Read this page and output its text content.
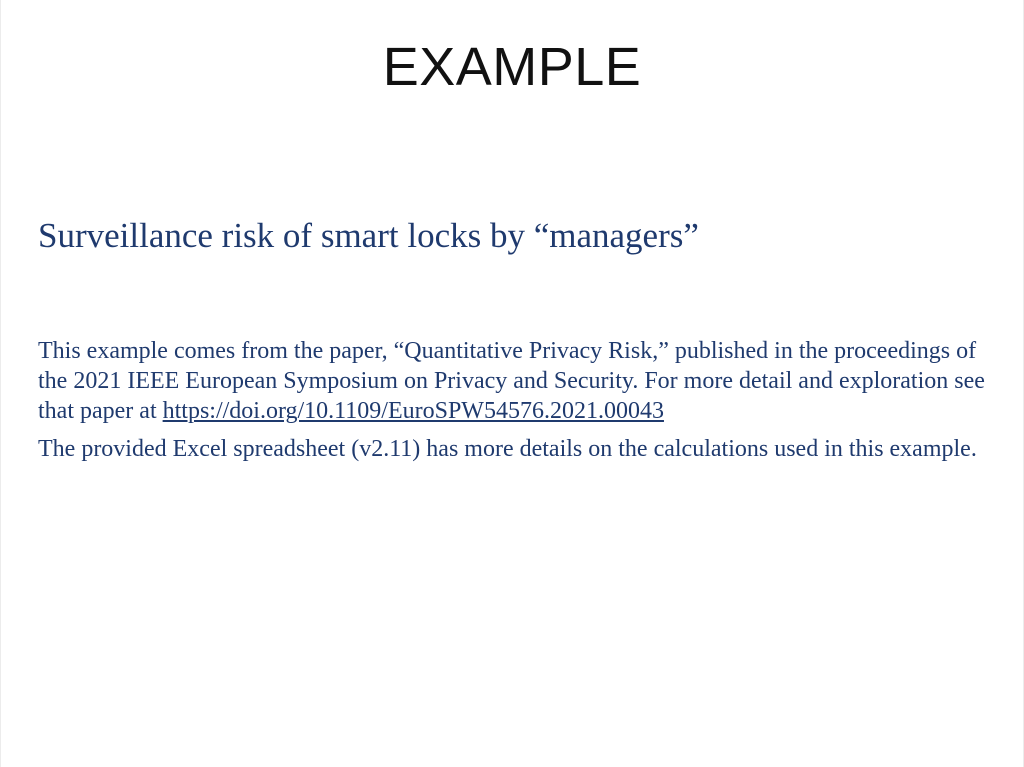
EXAMPLE
Surveillance risk of smart locks by “managers”

This example comes from the paper, “Quantitative Privacy Risk,” published in the proceedings of the 2021 IEEE European Symposium on Privacy and Security. For more detail and exploration see that paper at https://doi.org/10.1109/EuroSPW54576.2021.00043

The provided Excel spreadsheet (v2.11) has more details on the calculations used in this example.
